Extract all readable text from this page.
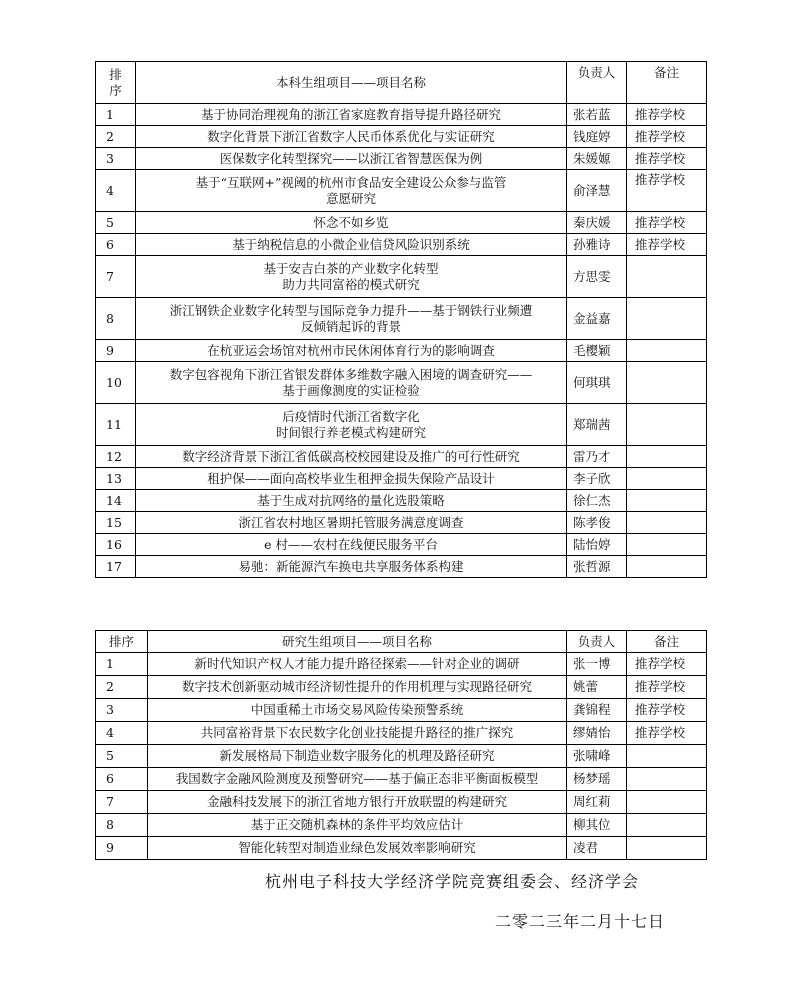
排
序	本科生组项目——项目名称	负责人	备注
1	基于协同治理视角的浙江省家庭教育指导提升路径研究	张若蓝	推荐学校
2	数字化背景下浙江省数字人民币体系优化与实证研究	钱庭婷	推荐学校
3	医保数字化转型探究——以浙江省智慧医保为例	朱媛嫄	推荐学校
4	基于“互联网+”视阈的杭州市食品安全建设公众参与监管
意愿研究	俞泽慧	推荐学校
5	怀念不如乡览	秦庆媛	推荐学校
6	基于纳税信息的小微企业信贷风险识别系统	孙雅诗	推荐学校
7	基于安吉白茶的产业数字化转型
助力共同富裕的模式研究	方思雯	
8	浙江钢铁企业数字化转型与国际竞争力提升——基于钢铁行业频遭
反倾销起诉的背景	金益嘉	
9	在杭亚运会场馆对杭州市民休闲体育行为的影响调查	毛樱颖	
10	数字包容视角下浙江省银发群体多维数字融入困境的调查研究——
基于画像测度的实证检验	何琪琪	
11	后疫情时代浙江省数字化
时间银行养老模式构建研究	郑瑞茜	
12	数字经济背景下浙江省低碳高校校园建设及推广的可行性研究	雷乃才	
13	租护保——面向高校毕业生租押金损失保险产品设计	李子欣	
14	基于生成对抗网络的量化选股策略	徐仁杰	
15	浙江省农村地区暑期托管服务满意度调查	陈孝俊	
16	e 村——农村在线便民服务平台	陆怡婷	
17	易驰：新能源汽车换电共享服务体系构建	张哲源	
排序	研究生组项目——项目名称	负责人	备注
1	新时代知识产权人才能力提升路径探索——针对企业的调研	张一博	推荐学校
2	数字技术创新驱动城市经济韧性提升的作用机理与实现路径研究	姚蕾	推荐学校
3	中国重稀土市场交易风险传染预警系统	龚锦程	推荐学校
4	共同富裕背景下农民数字化创业技能提升路径的推广探究	缪婧怡	推荐学校
5	新发展格局下制造业数字服务化的机理及路径研究	张啸峰	
6	我国数字金融风险测度及预警研究——基于偏正态非平衡面板模型	杨梦瑶	
7	金融科技发展下的浙江省地方银行开放联盟的构建研究	周红莉	
8	基于正交随机森林的条件平均效应估计	柳其位	
9	智能化转型对制造业绿色发展效率影响研究	凌君	
杭州电子科技大学经济学院竞赛组委会、经济学会
二零二三年二月十七日
